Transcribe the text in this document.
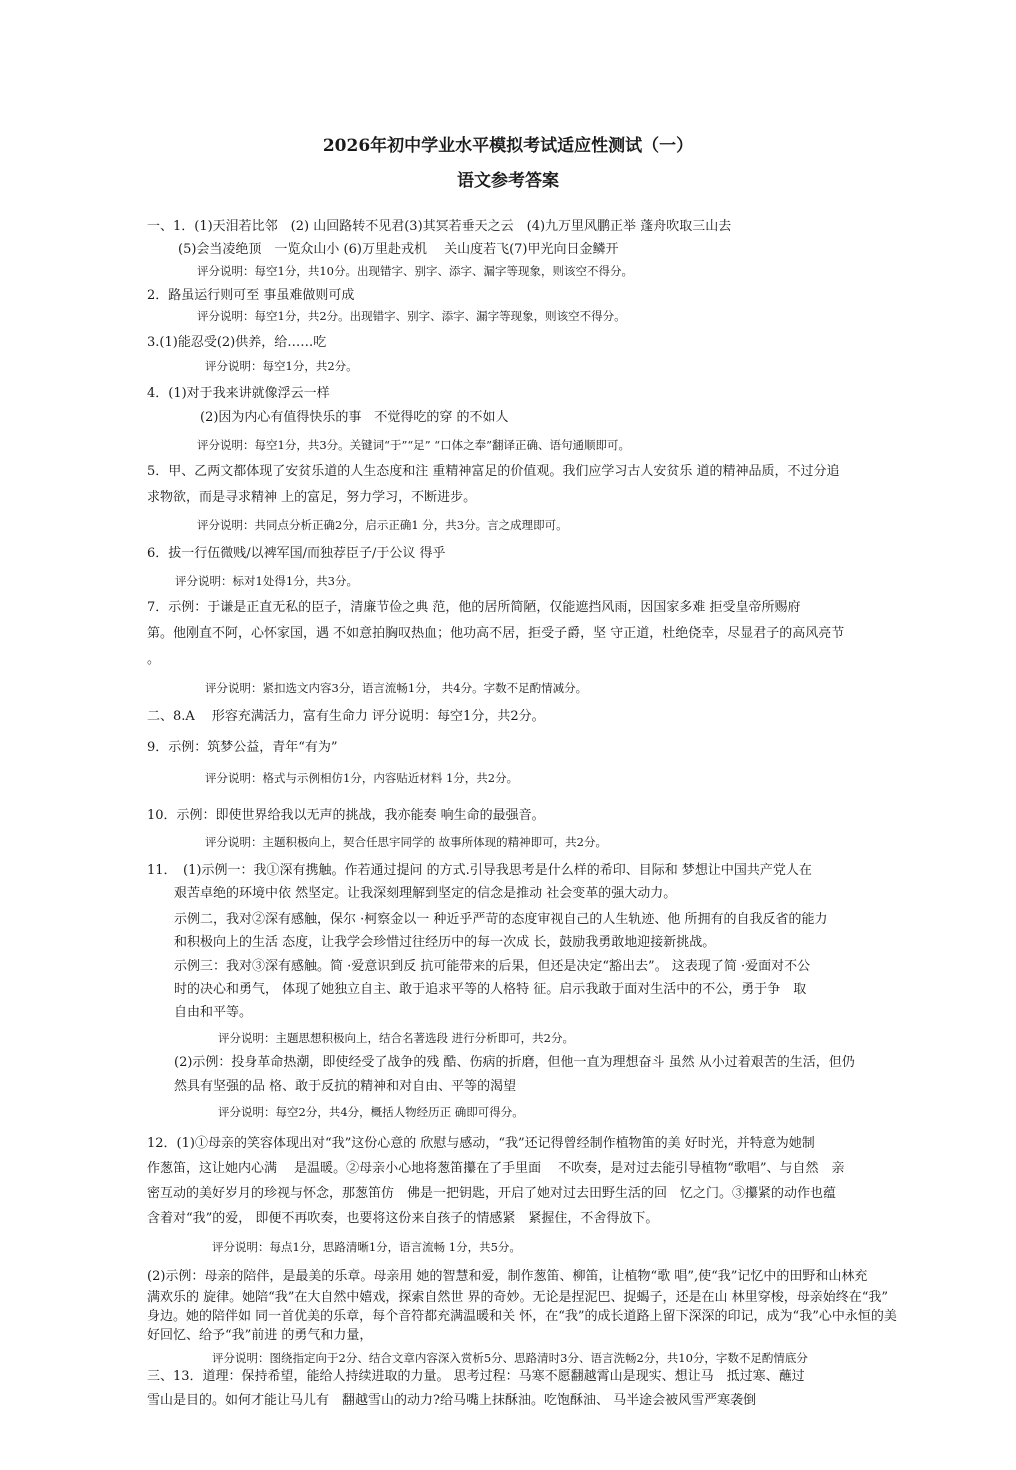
2026年初中学业水平模拟考试适应性测试（一）
语文参考答案
一、1．(1)天泪若比邻　(2) 山回路转不见君(3)其冥若垂天之云　(4)九万里风鹏正举 蓬舟吹取三山去
(5)会当凌绝顶　一览众山小 (6)万里赴戎机　 关山度若飞(7)甲光向日金鳞开
评分说明：每空1分，共10分。出现错字、别字、添字、漏字等现象，则该空不得分。
2．路虽运行则可至 事虽难做则可成
评分说明：每空1分，共2分。出现错字、别字、添字、漏字等现象，则该空不得分。
3.(1)能忍受(2)供养，给……吃
评分说明：每空1分，共2分。
4．(1)对于我来讲就像浮云一样
(2)因为内心有值得快乐的事　不觉得吃的穿 的不如人
评分说明：每空1分，共3分。关键词“于”“足” “口体之奉”翻译正确、语句通顺即可。
5．甲、乙两文都体现了安贫乐道的人生态度和注 重精神富足的价值观。我们应学习古人安贫乐 道的精神品质，不过分追
求物欲，而是寻求精神 上的富足，努力学习，不断进步。
评分说明：共同点分析正确2分，启示正确1 分，共3分。言之成理即可。
6．拔一行伍微贱/以裨军国/而独荐臣子/于公议 得乎
评分说明：标对1处得1分，共3分。
7．示例：于谦是正直无私的臣子，清廉节俭之典 范，他的居所简陋，仅能遮挡风雨，因国家多难 拒受皇帝所赐府
第。他刚直不阿，心怀家国，遇 不如意拍胸叹热血；他功高不居，拒受子爵，坚 守正道，杜绝侥幸，尽显君子的高风亮节
。
评分说明：紧扣选文内容3分，语言流畅1分， 共4分。字数不足酌情减分。
二、8.A　 形容充满活力，富有生命力 评分说明：每空1分，共2分。
9．示例：筑梦公益，青年“有为”
评分说明：格式与示例相仿1分，内容贴近材料 1分，共2分。
10．示例：即使世界给我以无声的挑战，我亦能奏 响生命的最强音。
评分说明：主题积极向上，契合任思宇同学的 故事所体现的精神即可，共2分。
11．　(1)示例一：我①深有携触。作若通过提问 的方式.引导我思考是什么样的希印、目际和 梦想让中国共产党人在
艰苦卓绝的环境中依 然坚定。让我深刻理解到坚定的信念是推动 社会变革的强大动力。
示例二，我对②深有感触，保尔 ·柯察金以一 种近乎严苛的态度审视自己的人生轨迹、他 所拥有的自我反省的能力
和积极向上的生活 态度，让我学会珍惜过往经历中的每一次成 长，鼓励我勇敢地迎接新挑战。
示例三：我对③深有感触。简 ·爱意识到反 抗可能带来的后果，但还是决定“豁出去”。 这表现了简 ·爱面对不公
时的决心和勇气， 体现了她独立自主、敢于追求平等的人格特 征。启示我敢于面对生活中的不公，勇于争　取
自由和平等。
评分说明：主题思想积极向上，结合名著选段 进行分析即可，共2分。
(2)示例：投身革命热潮，即使经受了战争的残 酷、伤病的折磨，但他一直为理想奋斗 虽然 从小过着艰苦的生活，但仍
然具有坚强的品 格、敢于反抗的精神和对自由、平等的渴望
评分说明：每空2分，共4分，概括人物经历正 确即可得分。
12．(1)①母亲的笑容体现出对“我”这份心意的 欣慰与感动，“我”还记得曾经制作植物笛的美 好时光，并特意为她制
作葱笛，这让她内心满　 是温暖。②母亲小心地将葱笛攥在了手里面　 不吹奏，是对过去能引导植物“歌唱”、与自然　亲
密互动的美好岁月的珍视与怀念，那葱笛仿　佛是一把钥匙，开启了她对过去田野生活的回　忆之门。③攥紧的动作也蕴
含着对“我”的爱， 即便不再吹奏，也要将这份来自孩子的情感紧　紧握住，不舍得放下。
评分说明：每点1分，思路清晰1分，语言流畅 1分，共5分。
(2)示例：母亲的陪伴，是最美的乐章。母亲用 她的智慧和爱，制作葱笛、柳笛，让植物“歌 唱”,使“我”记忆中的田野和山林充
满欢乐的 旋律。她陪“我”在大自然中嬉戏，探索自然世 界的奇妙。无论是捏泥巴、捉蝎子，还是在山 林里穿梭，母亲始终在“我”
身边。她的陪伴如 同一首优美的乐章，每个音符都充满温暖和关 怀，在“我”的成长道路上留下深深的印记，成为“我”心中永恒的美
好回忆、给予“我”前进 的勇气和力量，
评分说明：图绕指定向于2分、结合文章内容深入赏析5分、思路清时3分、语言洗畅2分，共10分，字数不足酌情底分
三、13．道理：保持希望，能给人持续进取的力量。 思考过程：马寒不愿翻越霄山是现实、想让马　抵过寒、蘸过
雪山是目的。如何才能让马儿有　翻越雪山的动力?给马嘴上抹酥油。吃饱酥油、 马半途会被风雪严寒袭倒
